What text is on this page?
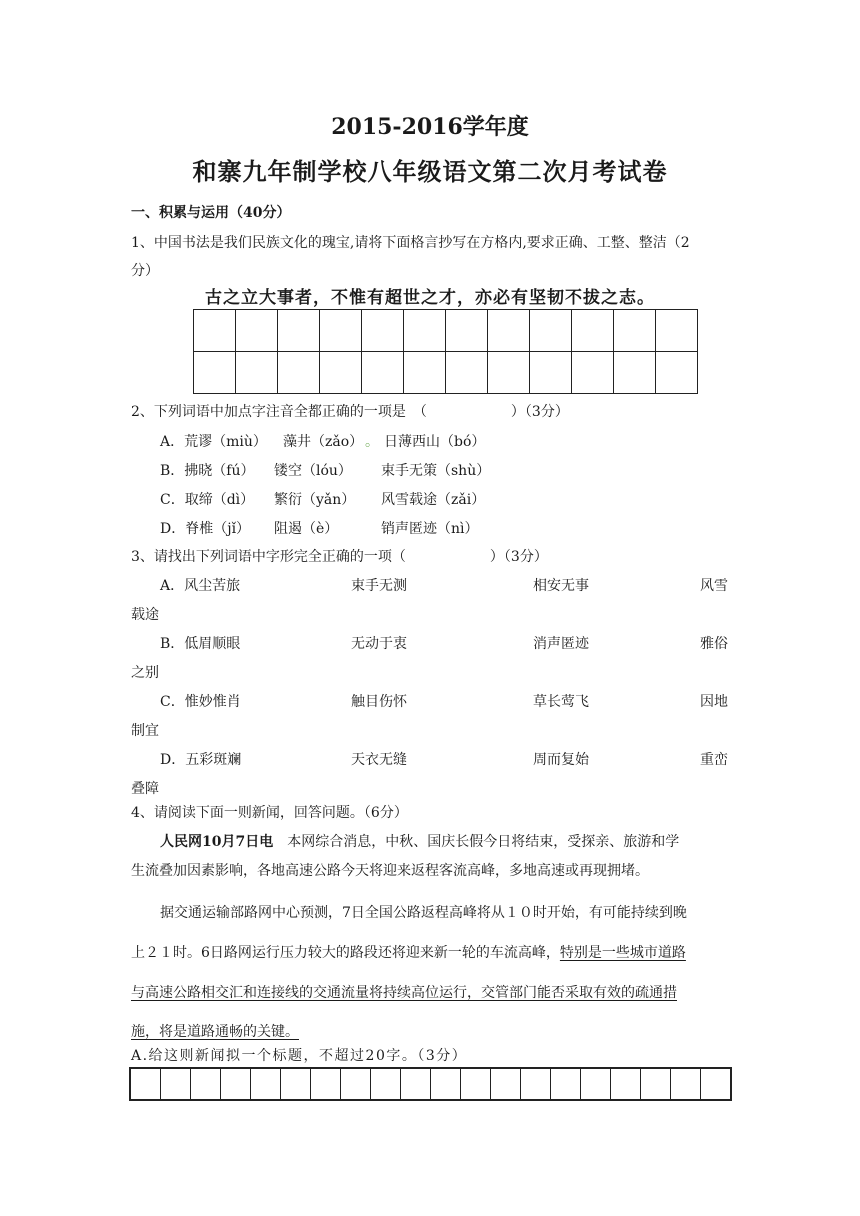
2015-2016学年度
和寨九年制学校八年级语文第二次月考试卷
一、积累与运用（40分）
1、中国书法是我们民族文化的瑰宝,请将下面格言抄写在方格内,要求正确、工整、整洁（2
分）
古之立大事者，不惟有超世之才，亦必有坚韧不拔之志。

2、下列词语中加点字注音全都正确的一项是　（　　　　　　）（3分）
A．荒谬（miù） 藻井（zǎo） 。 日薄西山（bó）
B．拂晓（fú） 镂空（lóu） 束手无策（shù）
C．取缔（dì） 繁衍（yǎn） 风雪载途（zǎi）
D．脊椎（jǐ） 阻遏（è）	销声匿迹（nì）
3、请找出下列词语中字形完全正确的一项（　　　　　　）（3分）
A．风尘苦旅	束手无测	相安无事	风雪
载途
B．低眉顺眼	无动于衷	消声匿迹	雅俗
之别
C．惟妙惟肖	触目伤怀	草长莺飞	因地
制宜
D．五彩斑斓	天衣无缝	周而复始	重峦
叠障
4、请阅读下面一则新闻，回答问题。（6分）
人民网10月7日电　本网综合消息，中秋、国庆长假今日将结束，受探亲、旅游和学
生流叠加因素影响，各地高速公路今天将迎来返程客流高峰，多地高速或再现拥堵。
据交通运输部路网中心预测，7日全国公路返程高峰将从１０时开始，有可能持续到晚
上２１时。6日路网运行压力较大的路段还将迎来新一轮的车流高峰，特别是一些城市道路
与高速公路相交汇和连接线的交通流量将持续高位运行，交管部门能否采取有效的疏通措
施，将是道路通畅的关键。
A.给这则新闻拟一个标题，不超过20字。（3分）
